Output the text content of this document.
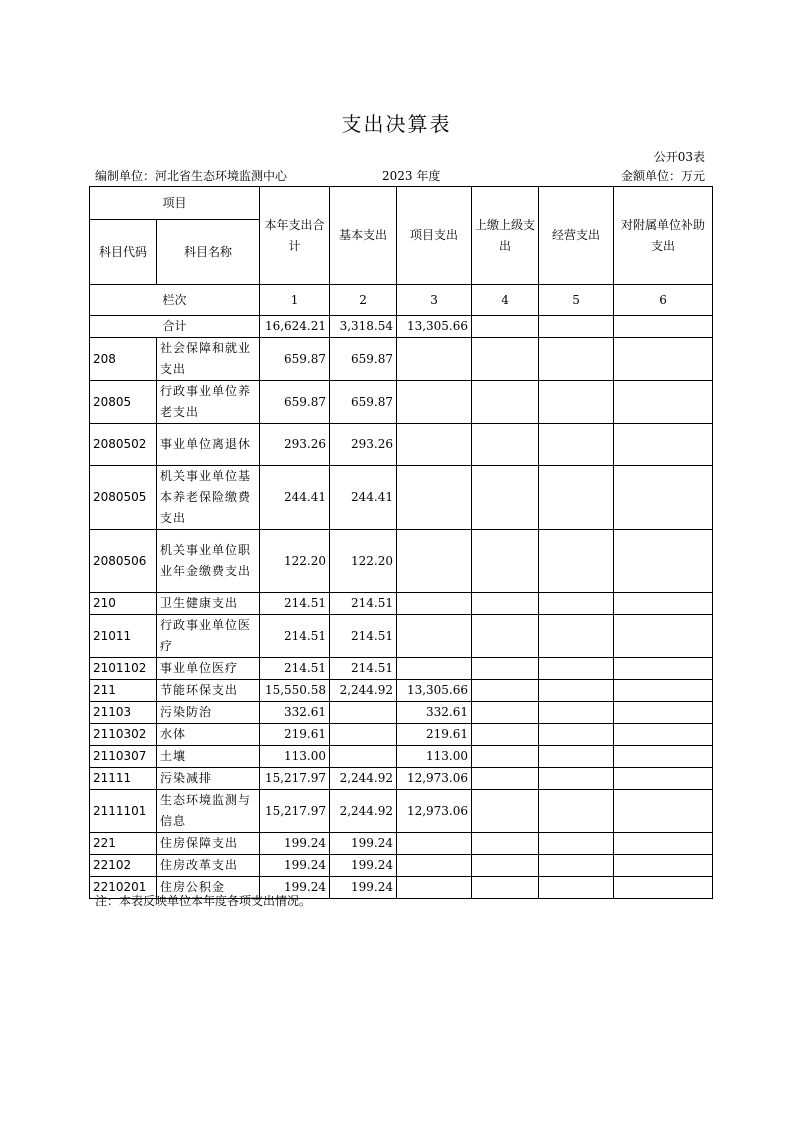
支出决算表
公开03表
编制单位：河北省生态环境监测中心	2023 年度	金额单位：万元
项目		本年支出合计	基本支出	项目支出	上缴上级支出	经营支出	对附属单位补助支出
科目代码	科目名称						
栏次		1	2	3	4	5	6
合计		16,624.21	3,318.54	13,305.66			
208	社会保障和就业支出	659.87	659.87				
20805	行政事业单位养老支出	659.87	659.87				
2080502	事业单位离退休	293.26	293.26				
2080505	机关事业单位基本养老保险缴费支出	244.41	244.41				
2080506	机关事业单位职业年金缴费支出	122.20	122.20				
210	卫生健康支出	214.51	214.51				
21011	行政事业单位医疗	214.51	214.51				
2101102	事业单位医疗	214.51	214.51				
211	节能环保支出	15,550.58	2,244.92	13,305.66			
21103	污染防治	332.61		332.61			
2110302	水体	219.61		219.61			
2110307	土壤	113.00		113.00			
21111	污染减排	15,217.97	2,244.92	12,973.06			
2111101	生态环境监测与信息	15,217.97	2,244.92	12,973.06			
221	住房保障支出	199.24	199.24				
22102	住房改革支出	199.24	199.24				
2210201	住房公积金	199.24	199.24				
注：本表反映单位本年度各项支出情况。
